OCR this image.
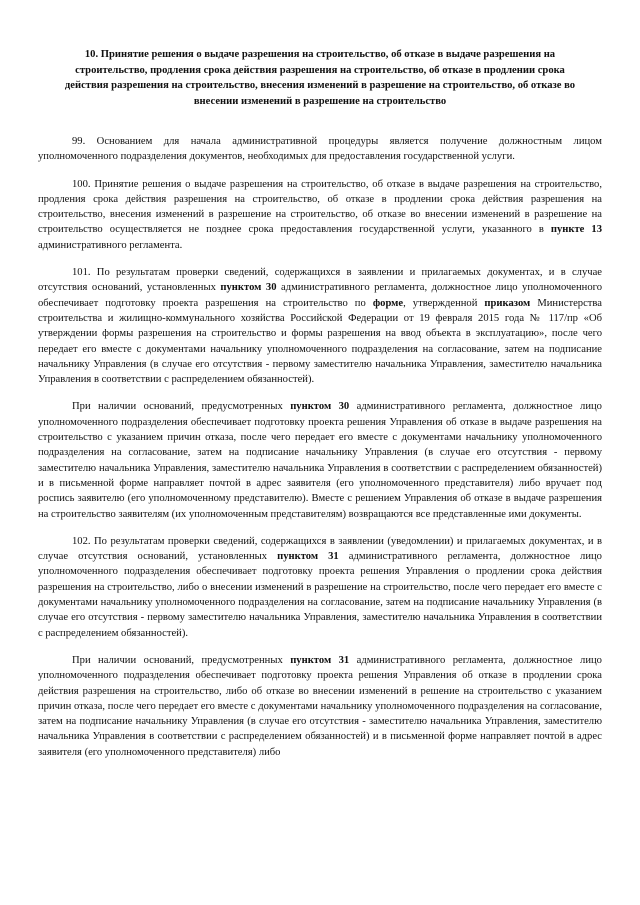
10. Принятие решения о выдаче разрешения на строительство, об отказе в выдаче разрешения на строительство, продления срока действия разрешения на строительство, об отказе в продлении срока действия разрешения на строительство, внесения изменений в разрешение на строительство, об отказе во внесении изменений в разрешение на строительство

99. Основанием для начала административной процедуры является получение должностным лицом уполномоченного подразделения документов, необходимых для предоставления государственной услуги.

100. Принятие решения о выдаче разрешения на строительство, об отказе в выдаче разрешения на строительство, продления срока действия разрешения на строительство, об отказе в продлении срока действия разрешения на строительство, внесения изменений в разрешение на строительство, об отказе во внесении изменений в разрешение на строительство осуществляется не позднее срока предоставления государственной услуги, указанного в пункте 13 административного регламента.

101. По результатам проверки сведений, содержащихся в заявлении и прилагаемых документах, и в случае отсутствия оснований, установленных пунктом 30 административного регламента, должностное лицо уполномоченного обеспечивает подготовку проекта разрешения на строительство по форме, утвержденной приказом Министерства строительства и жилищно-коммунального хозяйства Российской Федерации от 19 февраля 2015 года № 117/пр «Об утверждении формы разрешения на строительство и формы разрешения на ввод объекта в эксплуатацию», после чего передает его вместе с документами начальнику уполномоченного подразделения на согласование, затем на подписание начальнику Управления (в случае его отсутствия - первому заместителю начальника Управления, заместителю начальника Управления в соответствии с распределением обязанностей).

При наличии оснований, предусмотренных пунктом 30 административного регламента, должностное лицо уполномоченного подразделения обеспечивает подготовку проекта решения Управления об отказе в выдаче разрешения на строительство с указанием причин отказа, после чего передает его вместе с документами начальнику уполномоченного подразделения на согласование, затем на подписание начальнику Управления (в случае его отсутствия - первому заместителю начальника Управления, заместителю начальника Управления в соответствии с распределением обязанностей) и в письменной форме направляет почтой в адрес заявителя (его уполномоченного представителя) либо вручает под роспись заявителю (его уполномоченному представителю). Вместе с решением Управления об отказе в выдаче разрешения на строительство заявителям (их уполномоченным представителям) возвращаются все представленные ими документы.

102. По результатам проверки сведений, содержащихся в заявлении (уведомлении) и прилагаемых документах, и в случае отсутствия оснований, установленных пунктом 31 административного регламента, должностное лицо уполномоченного подразделения обеспечивает подготовку проекта решения Управления о продлении срока действия разрешения на строительство, либо о внесении изменений в разрешение на строительство, после чего передает его вместе с документами начальнику уполномоченного подразделения на согласование, затем на подписание начальнику Управления (в случае его отсутствия - первому заместителю начальника Управления, заместителю начальника Управления в соответствии с распределением обязанностей).

При наличии оснований, предусмотренных пунктом 31 административного регламента, должностное лицо уполномоченного подразделения обеспечивает подготовку проекта решения Управления об отказе в продлении срока действия разрешения на строительство, либо об отказе во внесении изменений в решение на строительство с указанием причин отказа, после чего передает его вместе с документами начальнику уполномоченного подразделения на согласование, затем на подписание начальнику Управления (в случае его отсутствия - заместителю начальника Управления, заместителю начальника Управления в соответствии с распределением обязанностей) и в письменной форме направляет почтой в адрес заявителя (его уполномоченного представителя) либо
